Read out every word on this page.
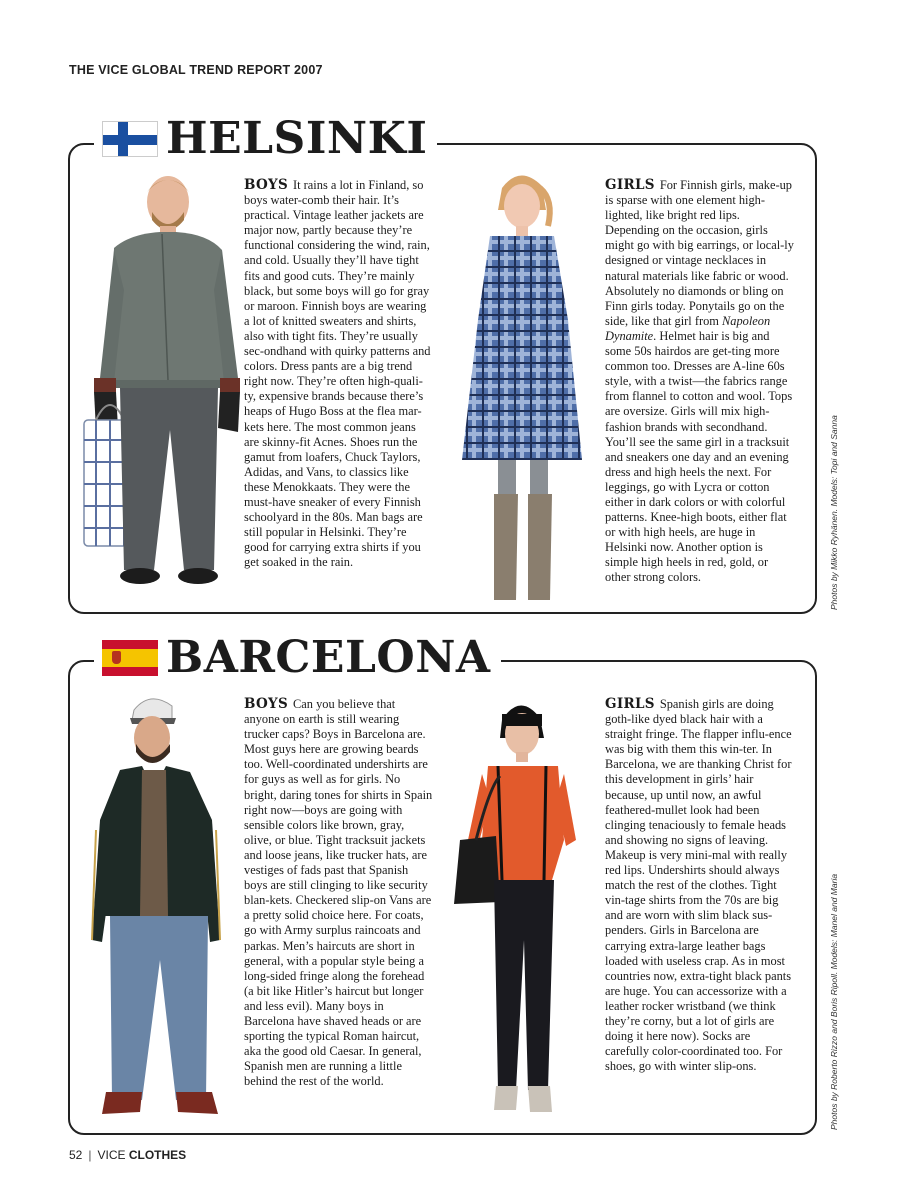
THE VICE GLOBAL TREND REPORT 2007
HELSINKI
BOYS It rains a lot in Finland, so boys water-comb their hair. It’s practical. Vintage leather jackets are major now, partly because they’re functional considering the wind, rain, and cold. Usually they’ll have tight fits and good cuts. They’re mainly black, but some boys will go for gray or maroon. Finnish boys are wearing a lot of knitted sweaters and shirts, also with tight fits. They’re usually sec-ondhand with quirky patterns and colors. Dress pants are a big trend right now. They’re often high-quali-ty, expensive brands because there’s heaps of Hugo Boss at the flea mar-kets here. The most common jeans are skinny-fit Acnes. Shoes run the gamut from loafers, Chuck Taylors, Adidas, and Vans, to classics like these Menokkaats. They were the must-have sneaker of every Finnish schoolyard in the 80s. Man bags are still popular in Helsinki. They’re good for carrying extra shirts if you get soaked in the rain.
GIRLS For Finnish girls, make-up is sparse with one element high-lighted, like bright red lips. Depending on the occasion, girls might go with big earrings, or local-ly designed or vintage necklaces in natural materials like fabric or wood. Absolutely no diamonds or bling on Finn girls today. Ponytails go on the side, like that girl from Napoleon Dynamite. Helmet hair is big and some 50s hairdos are get-ting more common too. Dresses are A-line 60s style, with a twist—the fabrics range from flannel to cotton and wool. Tops are oversize. Girls will mix high-fashion brands with secondhand. You’ll see the same girl in a tracksuit and sneakers one day and an evening dress and high heels the next. For leggings, go with Lycra or cotton either in dark colors or with colorful patterns. Knee-high boots, either flat or with high heels, are huge in Helsinki now. Another option is simple high heels in red, gold, or other strong colors.	Photos by Mikko Ryhänen. Models: Topi and Sanna
BARCELONA
BOYS Can you believe that anyone on earth is still wearing trucker caps? Boys in Barcelona are. Most guys here are growing beards too. Well-coordinated undershirts are for guys as well as for girls. No bright, daring tones for shirts in Spain right now—boys are going with sensible colors like brown, gray, olive, or blue. Tight tracksuit jackets and loose jeans, like trucker hats, are vestiges of fads past that Spanish boys are still clinging to like security blan-kets. Checkered slip-on Vans are a pretty solid choice here. For coats, go with Army surplus raincoats and parkas. Men’s haircuts are short in general, with a popular style being a long-sided fringe along the forehead (a bit like Hitler’s haircut but longer and less evil). Many boys in Barcelona have shaved heads or are sporting the typical Roman haircut, aka the good old Caesar. In general, Spanish men are running a little behind the rest of the world.
GIRLS Spanish girls are doing goth-like dyed black hair with a straight fringe. The flapper influ-ence was big with them this win-ter. In Barcelona, we are thanking Christ for this development in girls’ hair because, up until now, an awful feathered-mullet look had been clinging tenaciously to female heads and showing no signs of leaving. Makeup is very mini-mal with really red lips. Undershirts should always match the rest of the clothes. Tight vin-tage shirts from the 70s are big and are worn with slim black sus-penders. Girls in Barcelona are carrying extra-large leather bags loaded with useless crap. As in most countries now, extra-tight black pants are huge. You can accessorize with a leather rocker wristband (we think they’re corny, but a lot of girls are doing it here now). Socks are carefully color-coordinated too. For shoes, go with winter slip-ons.	Photos by Roberto Rizzo and Boris Ripoll. Models: Manel and Maria
52 | VICE CLOTHES
